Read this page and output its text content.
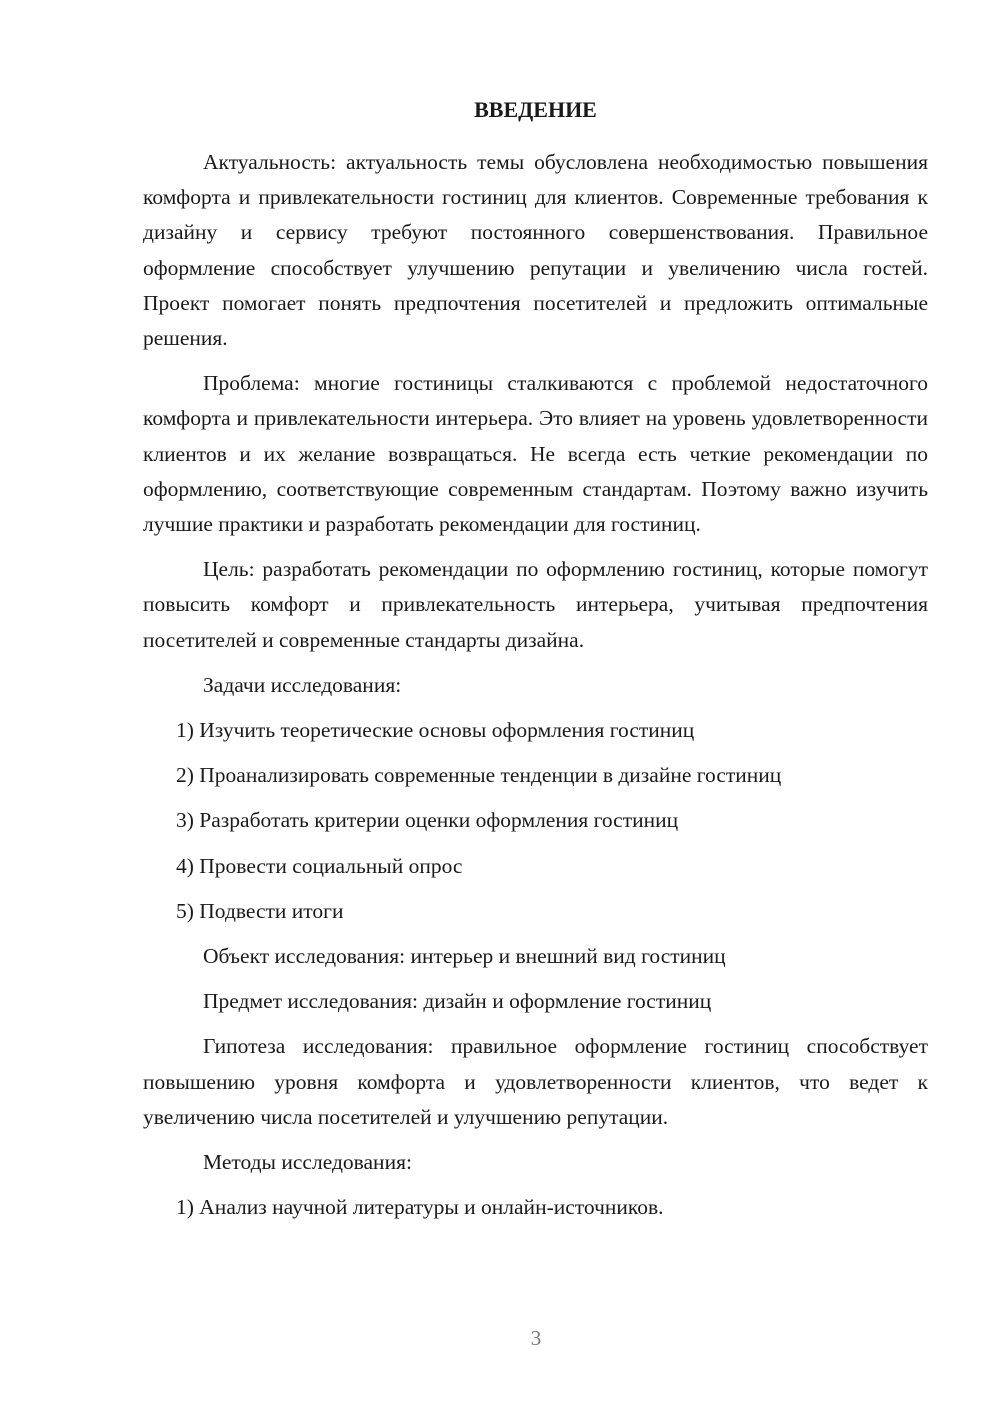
ВВЕДЕНИЕ

Актуальность: актуальность темы обусловлена необходимостью повышения комфорта и привлекательности гостиниц для клиентов. Современные требования к дизайну и сервису требуют постоянного совершенствования. Правильное оформление способствует улучшению репутации и увеличению числа гостей. Проект помогает понять предпочтения посетителей и предложить оптимальные решения.

Проблема: многие гостиницы сталкиваются с проблемой недостаточного комфорта и привлекательности интерьера. Это влияет на уровень удовлетворенности клиентов и их желание возвращаться. Не всегда есть четкие рекомендации по оформлению, соответствующие современным стандартам. Поэтому важно изучить лучшие практики и разработать рекомендации для гостиниц.

Цель: разработать рекомендации по оформлению гостиниц, которые помогут повысить комфорт и привлекательность интерьера, учитывая предпочтения посетителей и современные стандарты дизайна.

Задачи исследования:
1) Изучить теоретические основы оформления гостиниц
2) Проанализировать современные тенденции в дизайне гостиниц
3) Разработать критерии оценки оформления гостиниц
4) Провести социальный опрос
5) Подвести итоги
Объект исследования: интерьер и внешний вид гостиниц
Предмет исследования: дизайн и оформление гостиниц

Гипотеза исследования: правильное оформление гостиниц способствует повышению уровня комфорта и удовлетворенности клиентов, что ведет к увеличению числа посетителей и улучшению репутации.

Методы исследования:
1) Анализ научной литературы и онлайн-источников.
3
